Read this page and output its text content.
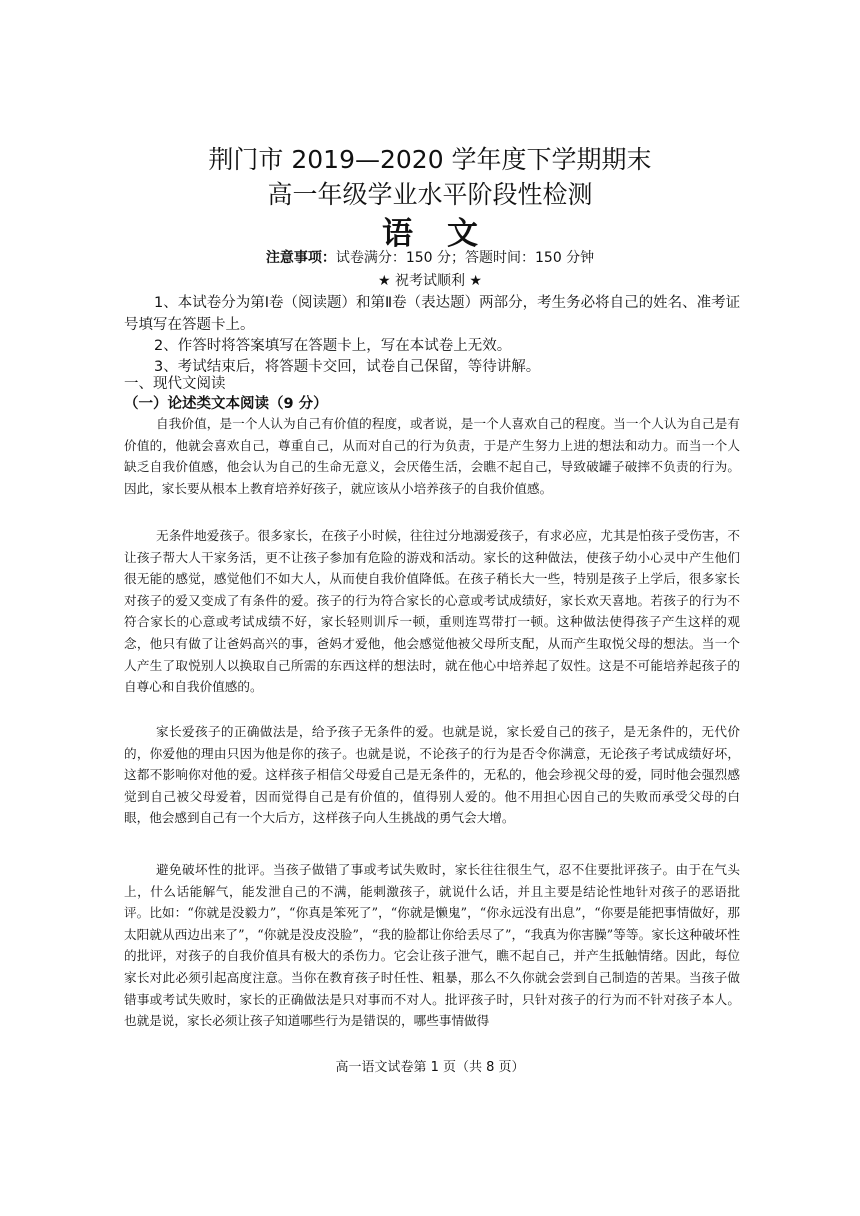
荆门市 2019—2020 学年度下学期期末
高一年级学业水平阶段性检测
语文
注意事项：试卷满分：150 分；答题时间：150 分钟
★ 祝考试顺利 ★
1、本试卷分为第Ⅰ卷（阅读题）和第Ⅱ卷（表达题）两部分，考生务必将自己的姓名、准考证号填写在答题卡上。
2、作答时将答案填写在答题卡上，写在本试卷上无效。
3、考试结束后，将答题卡交回，试卷自己保留，等待讲解。
一、现代文阅读
（一）论述类文本阅读（9 分）
自我价值，是一个人认为自己有价值的程度，或者说，是一个人喜欢自己的程度。当一个人认为自己是有价值的，他就会喜欢自己，尊重自己，从而对自己的行为负责，于是产生努力上进的想法和动力。而当一个人缺乏自我价值感，他会认为自己的生命无意义，会厌倦生活，会瞧不起自己，导致破罐子破摔不负责的行为。因此，家长要从根本上教育培养好孩子，就应该从小培养孩子的自我价值感。
无条件地爱孩子。很多家长，在孩子小时候，往往过分地溺爱孩子，有求必应，尤其是怕孩子受伤害，不让孩子帮大人干家务活，更不让孩子参加有危险的游戏和活动。家长的这种做法，使孩子幼小心灵中产生他们很无能的感觉，感觉他们不如大人，从而使自我价值降低。在孩子稍长大一些，特别是孩子上学后，很多家长对孩子的爱又变成了有条件的爱。孩子的行为符合家长的心意或考试成绩好，家长欢天喜地。若孩子的行为不符合家长的心意或考试成绩不好，家长轻则训斥一顿，重则连骂带打一顿。这种做法使得孩子产生这样的观念，他只有做了让爸妈高兴的事，爸妈才爱他，他会感觉他被父母所支配，从而产生取悦父母的想法。当一个人产生了取悦别人以换取自己所需的东西这样的想法时，就在他心中培养起了奴性。这是不可能培养起孩子的自尊心和自我价值感的。
家长爱孩子的正确做法是，给予孩子无条件的爱。也就是说，家长爱自己的孩子，是无条件的，无代价的，你爱他的理由只因为他是你的孩子。也就是说，不论孩子的行为是否令你满意，无论孩子考试成绩好坏，这都不影响你对他的爱。这样孩子相信父母爱自己是无条件的，无私的，他会珍视父母的爱，同时他会强烈感觉到自己被父母爱着，因而觉得自己是有价值的，值得别人爱的。他不用担心因自己的失败而承受父母的白眼，他会感到自己有一个大后方，这样孩子向人生挑战的勇气会大增。
避免破坏性的批评。当孩子做错了事或考试失败时，家长往往很生气，忍不住要批评孩子。由于在气头上，什么话能解气，能发泄自己的不满，能刺激孩子，就说什么话，并且主要是结论性地针对孩子的恶语批评。比如：“你就是没毅力”，“你真是笨死了”，“你就是懒鬼”，“你永远没有出息”，“你要是能把事情做好，那太阳就从西边出来了”，“你就是没皮没脸”，“我的脸都让你给丢尽了”，“我真为你害臊”等等。家长这种破坏性的批评，对孩子的自我价值具有极大的杀伤力。它会让孩子泄气，瞧不起自己，并产生抵触情绪。因此，每位家长对此必须引起高度注意。当你在教育孩子时任性、粗暴，那么不久你就会尝到自己制造的苦果。当孩子做错事或考试失败时，家长的正确做法是只对事而不对人。批评孩子时，只针对孩子的行为而不针对孩子本人。也就是说，家长必须让孩子知道哪些行为是错误的，哪些事情做得
高一语文试卷第 1 页（共 8 页）
